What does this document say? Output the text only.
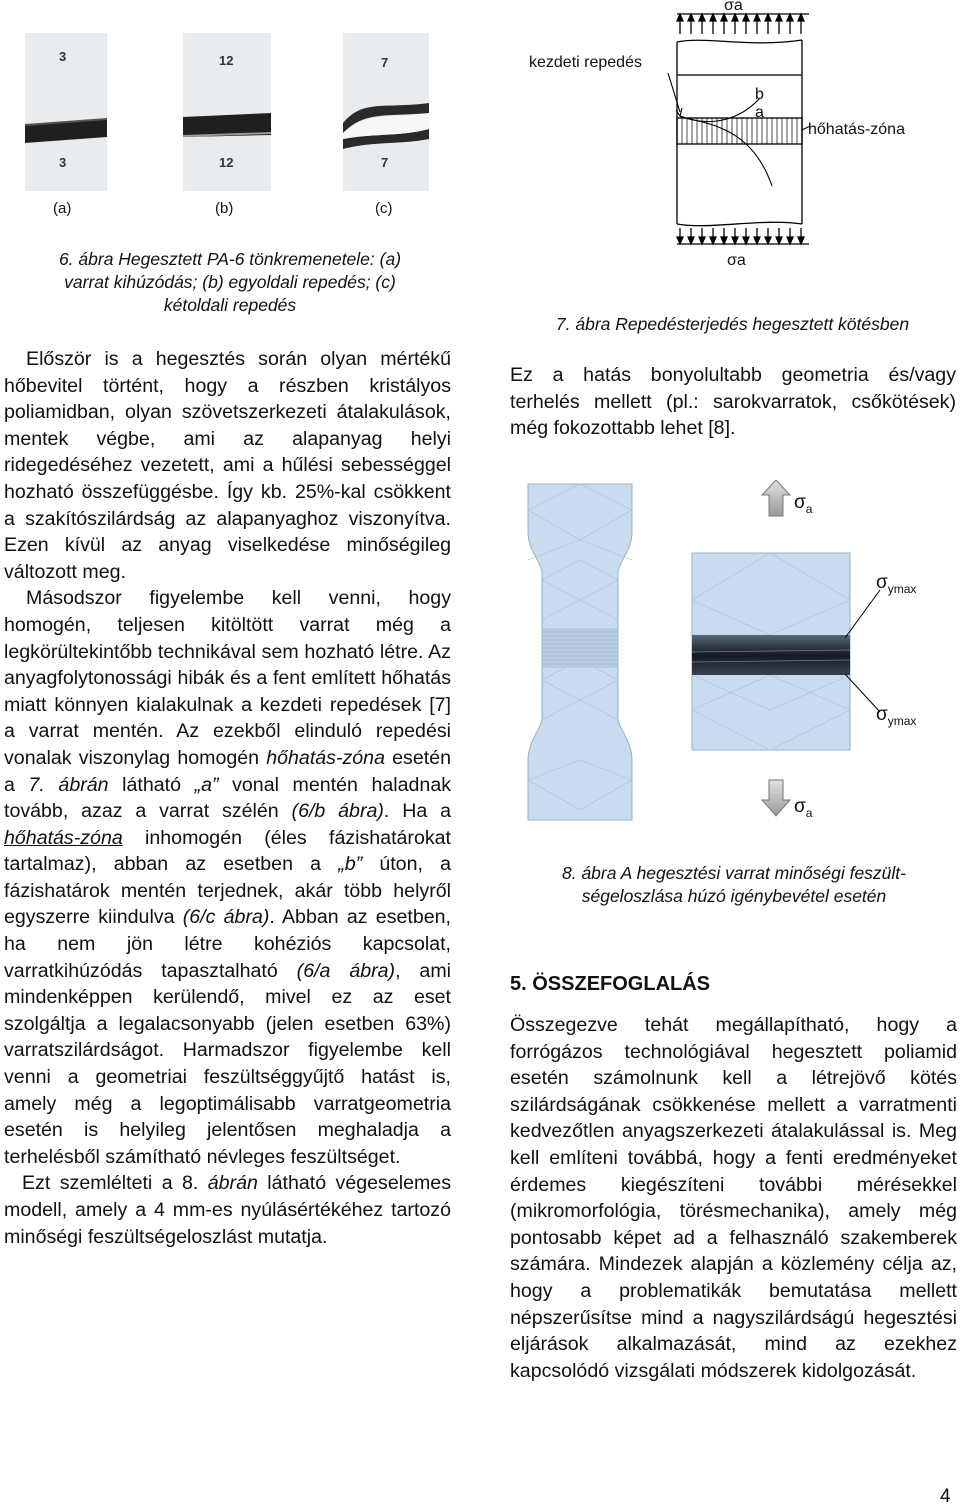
3
3
12
12
7
7
(a)	(b)	(c)
6. ábra Hegesztett PA-6 tönkremenetele: (a)
varrat kihúzódás; (b) egyoldali repedés; (c)
kétoldali repedés

Először is a hegesztés során olyan mértékű hőbevitel történt, hogy a részben kristályos poliamidban, olyan szövetszerkezeti átalakulások, mentek végbe, ami az alapanyag helyi ridegedéséhez vezetett, ami a hűlési sebességgel hozható összefüggésbe. Így kb. 25%-kal csökkent a szakítószilárdság az alapanyaghoz viszonyítva. Ezen kívül az anyag viselkedése minőségileg változott meg.

Másodszor figyelembe kell venni, hogy homogén, teljesen kitöltött varrat még a legkörültekintőbb technikával sem hozható létre. Az anyagfolytonossági hibák és a fent említett hőhatás miatt könnyen kialakulnak a kezdeti repedések [7] a varrat mentén. Az ezekből elinduló repedési vonalak viszonylag homogén hőhatás-zóna esetén a 7. ábrán látható „a” vonal mentén haladnak tovább, azaz a varrat szélén (6/b ábra). Ha a hőhatás-zóna inhomogén (éles fázishatárokat tartalmaz), abban az esetben a „b” úton, a fázishatárok mentén terjednek, akár több helyről egyszerre kiindulva (6/c ábra). Abban az esetben, ha nem jön létre kohéziós kapcsolat, varratkihúzódás tapasztalható (6/a ábra), ami mindenképpen kerülendő, mivel ez az eset szolgáltja a legalacsonyabb (jelen esetben 63%) varratszilárdságot. Harmadszor figyelembe kell venni a geometriai feszültséggyűjtő hatást is, amely még a legoptimálisabb varratgeometria esetén is helyileg jelentősen meghaladja a terhelésből számítható névleges feszültséget.

Ezt szemlélteti a 8. ábrán látható végeselemes modell, amely a 4 mm-es nyúlásértékéhez tartozó minőségi feszültségeloszlást mutatja.

σa
kezdeti repedés
b
a
hőhatás-zóna
σa
7. ábra Repedésterjedés hegesztett kötésben
Ez a hatás bonyolultabb geometria és/vagy terhelés mellett (pl.: sarokvarratok, csőkötések) még fokozottabb lehet [8].
$\sigma_a$
$\sigma_{ymax}$
$\sigma_{ymax}$
$\sigma_a$
8. ábra A hegesztési varrat minőségi feszült-
ségeloszlása húzó igénybevétel esetén
5. ÖSSZEFOGLALÁS
Összegezve tehát megállapítható, hogy a forrógázos technológiával hegesztett poliamid esetén számolnunk kell a létrejövő kötés szilárdságának csökkenése mellett a varratmenti kedvezőtlen anyagszerkezeti átalakulással is. Meg kell említeni továbbá, hogy a fenti eredményeket érdemes kiegészíteni további mérésekkel (mikromorfológia, törésmechanika), amely még pontosabb képet ad a felhasználó szakemberek számára. Mindezek alapján a közlemény célja az, hogy a problematikák bemutatása mellett népszerűsítse mind a nagyszilárdságú hegesztési eljárások alkalmazását, mind az ezekhez kapcsolódó vizsgálati módszerek kidolgozását.
4
